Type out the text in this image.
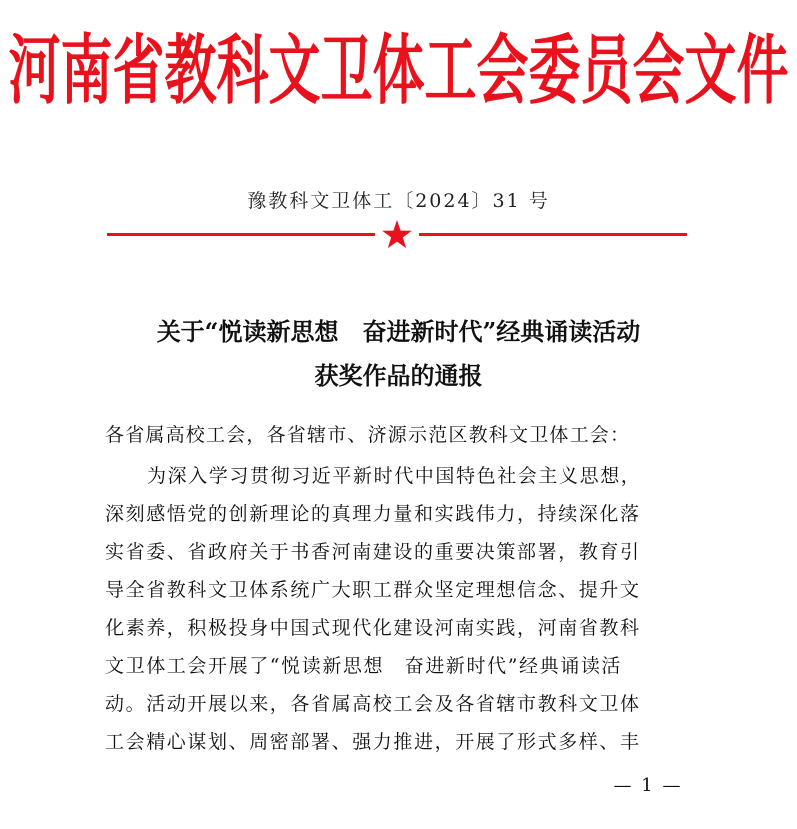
河南省教科文卫体工会委员会文件
豫教科文卫体工〔2024〕31 号
关于“悦读新思想　奋进新时代”经典诵读活动
获奖作品的通报
各省属高校工会，各省辖市、济源示范区教科文卫体工会：
为深入学习贯彻习近平新时代中国特色社会主义思想，
深刻感悟党的创新理论的真理力量和实践伟力，持续深化落
实省委、省政府关于书香河南建设的重要决策部署，教育引
导全省教科文卫体系统广大职工群众坚定理想信念、提升文
化素养，积极投身中国式现代化建设河南实践，河南省教科
文卫体工会开展了“悦读新思想　奋进新时代”经典诵读活
动。活动开展以来，各省属高校工会及各省辖市教科文卫体
工会精心谋划、周密部署、强力推进，开展了形式多样、丰
— 1 —
